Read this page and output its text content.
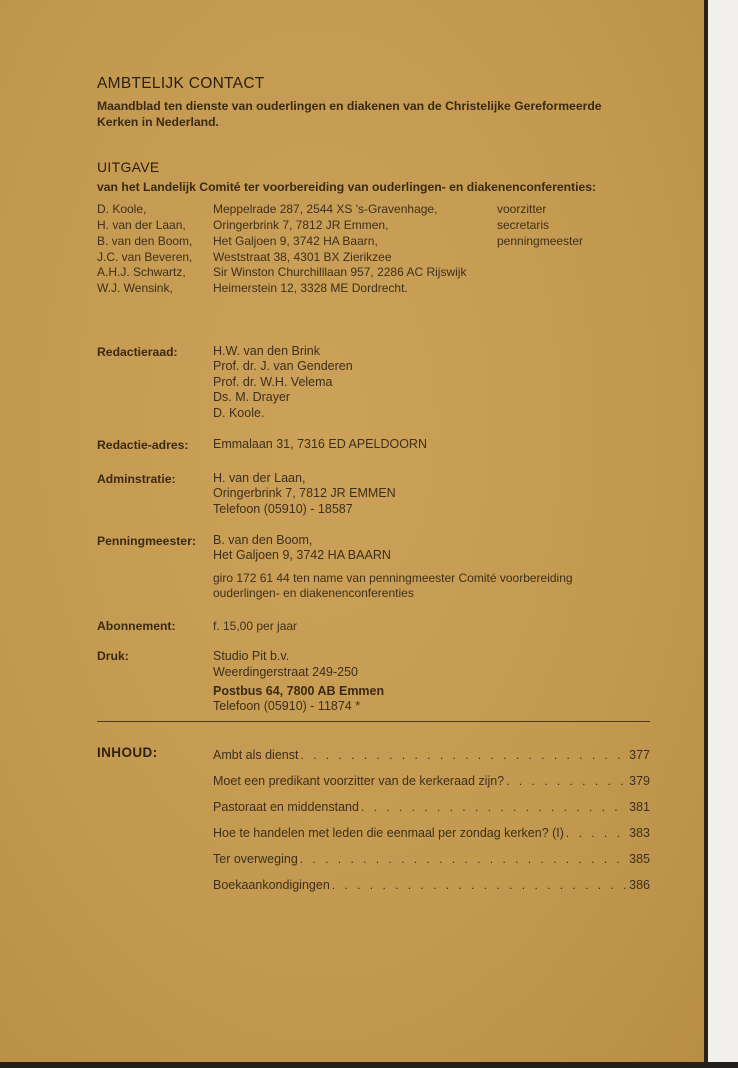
AMBTELIJK CONTACT
Maandblad ten dienste van ouderlingen en diakenen van de Christelijke Gereformeerde
Kerken in Nederland.
UITGAVE
van het Landelijk Comité ter voorbereiding van ouderlingen- en diakenenconferenties:
D. Koole,	Meppelrade 287, 2544 XS 's-Gravenhage,	voorzitter
H. van der Laan, Oringerbrink 7, 7812 JR Emmen,	secretaris
B. van den Boom, Het Galjoen 9, 3742 HA Baarn,	penningmeester
J.C. van Beveren, Weststraat 38, 4301 BX Zierikzee
A.H.J. Schwartz, Sir Winston Churchilllaan 957, 2286 AC Rijswijk
W.J. Wensink,	Heimerstein 12, 3328 ME Dordrecht.
Redactieraad:	H.W. van den Brink
Prof. dr. J. van Genderen
Prof. dr. W.H. Velema
Ds. M. Drayer
D. Koole.
Redactie-adres: Emmalaan 31, 7316 ED APELDOORN
Adminstratie:	H. van der Laan,
Oringerbrink 7, 7812 JR EMMEN
Telefoon (05910) - 18587
Penningmeester: B. van den Boom,
Het Galjoen 9, 3742 HA BAARN
giro 172 61 44 ten name van penningmeester Comité voorbereiding
ouderlingen- en diakenenconferenties
Abonnement:	f. 15,00 per jaar
Druk:	Studio Pit b.v.
Weerdingerstraat 249-250
Postbus 64, 7800 AB Emmen
Telefoon (05910) - 11874 *
INHOUD:	Ambt als dienst . . .	377
Moet een predikant voorzitter van de kerkeraad zijn? . . .	379
Pastoraat en middenstand . . .	381
Hoe te handelen met leden die eenmaal per zondag kerken? (I) . . .	383
Ter overweging . . .	385
Boekaankondigingen . . .	386
